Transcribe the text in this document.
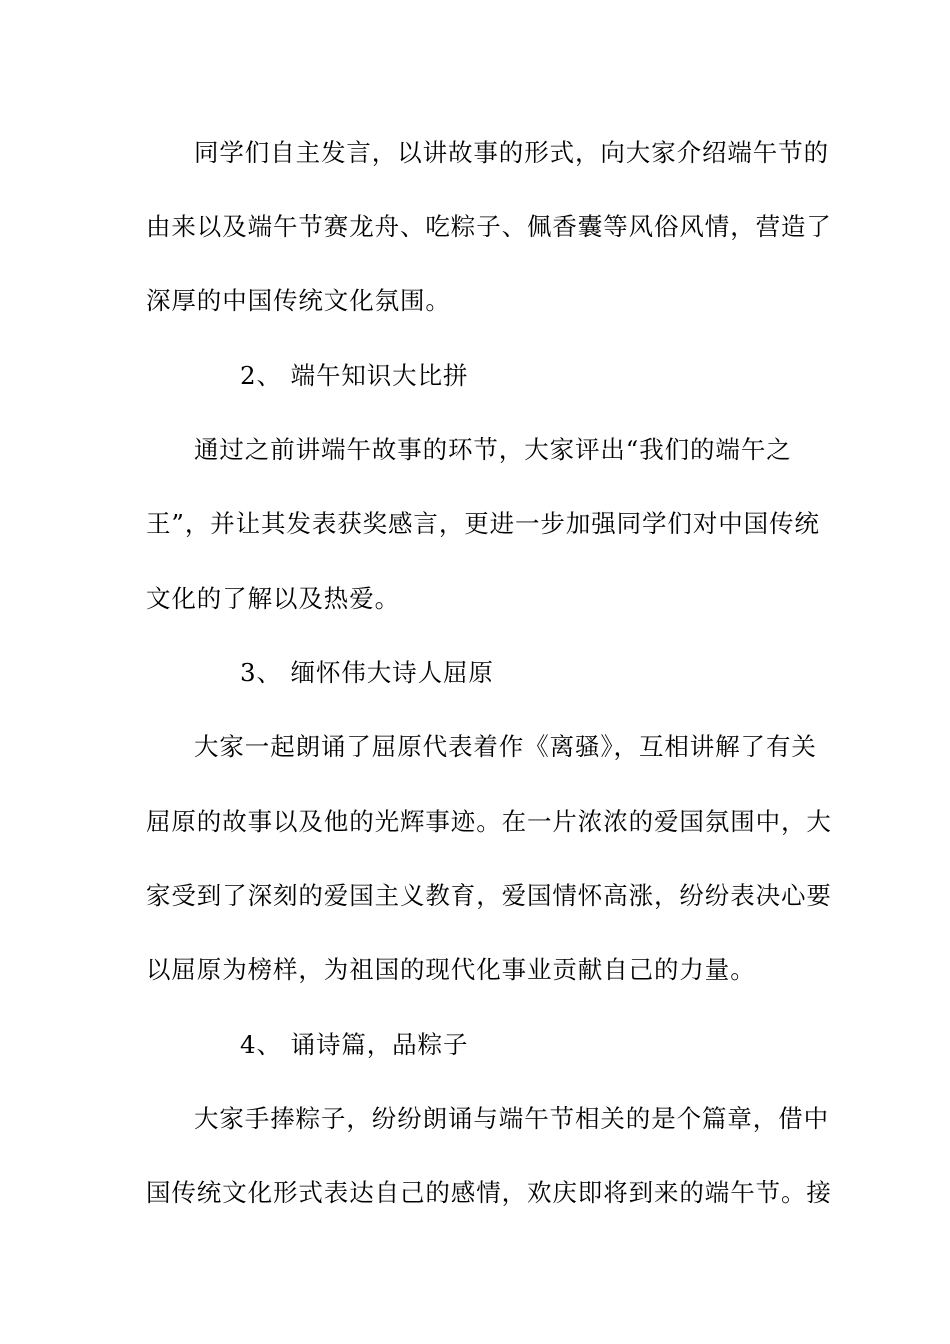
同学们自主发言，以讲故事的形式，向大家介绍端午节的
由来以及端午节赛龙舟、吃粽子、佩香囊等风俗风情，营造了
深厚的中国传统文化氛围。
2、 端午知识大比拼
通过之前讲端午故事的环节，大家评出“我们的端午之
王”，并让其发表获奖感言，更进一步加强同学们对中国传统
文化的了解以及热爱。
3、 缅怀伟大诗人屈原
大家一起朗诵了屈原代表着作《离骚》，互相讲解了有关
屈原的故事以及他的光辉事迹。在一片浓浓的爱国氛围中，大
家受到了深刻的爱国主义教育，爱国情怀高涨，纷纷表决心要
以屈原为榜样，为祖国的现代化事业贡献自己的力量。
4、 诵诗篇，品粽子
大家手捧粽子，纷纷朗诵与端午节相关的是个篇章，借中
国传统文化形式表达自己的感情，欢庆即将到来的端午节。接
